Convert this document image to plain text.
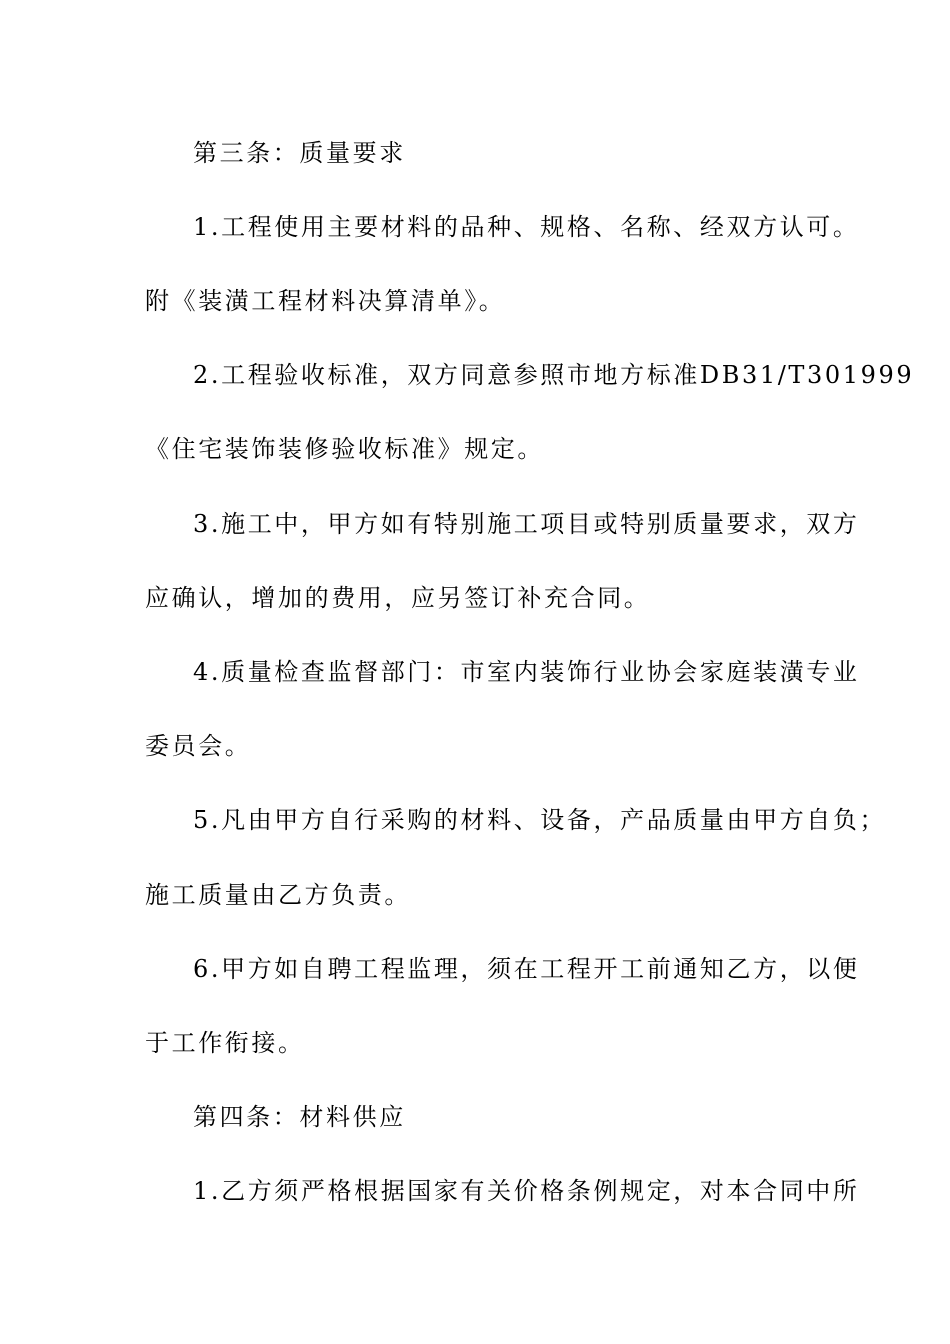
第三条：质量要求
1.工程使用主要材料的品种、规格、名称、经双方认可。
附《装潢工程材料决算清单》。
2.工程验收标准，双方同意参照市地方标准DB31/T301999
《住宅装饰装修验收标准》规定。
3.施工中，甲方如有特别施工项目或特别质量要求，双方
应确认，增加的费用，应另签订补充合同。
4.质量检查监督部门：市室内装饰行业协会家庭装潢专业
委员会。
5.凡由甲方自行采购的材料、设备，产品质量由甲方自负；
施工质量由乙方负责。
6.甲方如自聘工程监理，须在工程开工前通知乙方，以便
于工作衔接。
第四条：材料供应
1.乙方须严格根据国家有关价格条例规定，对本合同中所
